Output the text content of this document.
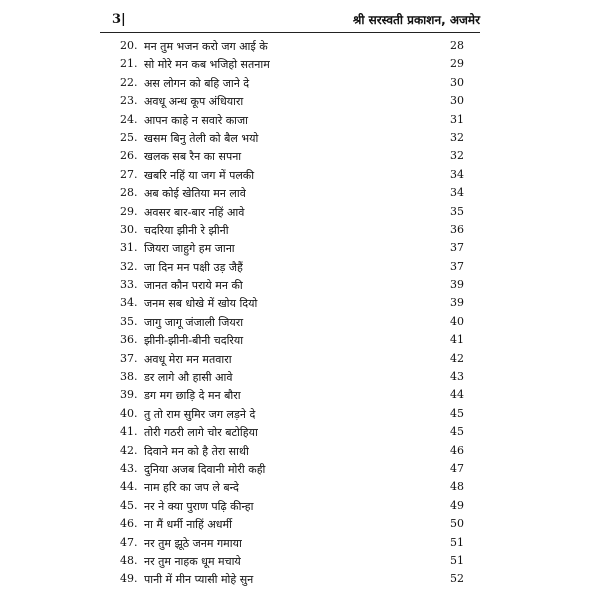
3|	श्री सरस्वती प्रकाशन, अजमेर
20. मन तुम भजन करो जग आई के	28
21. सो मोरे मन कब भजिहो सतनाम	29
22. अस लोगन को बहि जाने दे	30
23. अवधू अन्ध कूप अंधियारा	30
24. आपन काहे न सवारे काजा	31
25. खसम बिनु तेली को बैल भयो	32
26. खलक सब रैन का सपना	32
27. खबरि नहिं या जग में पलकी	34
28. अब कोई खेतिया मन लावे	34
29. अवसर बार-बार नहिं आवे	35
30. चदरिया झीनी रे झीनी	36
31. जियरा जाहुगे हम जाना	37
32. जा दिन मन पक्षी उड़ जैहैं	37
33. जानत कौन पराये मन की	39
34. जनम सब धोखे में खोय दियो	39
35. जागु जागू जंजाली जियरा	40
36. झीनी-झीनी-बीनी चदरिया	41
37. अवधू मेरा मन मतवारा	42
38. डर लागे औ हासी आवे	43
39. डग मग छाड़ि दे मन बौरा	44
40. तु तो राम सुमिर जग लड़ने दे	45
41. तोरी गठरी लागे चोर बटोहिया	45
42. दिवाने मन को है तेरा साथी	46
43. दुनिया अजब दिवानी मोरी कही	47
44. नाम हरि का जप ले बन्दे	48
45. नर ने क्या पुराण पढ़ि कीन्हा	49
46. ना मैं धर्मी नाहिं अधर्मी	50
47. नर तुम झूठे जनम गमाया	51
48. नर तुम नाहक धूम मचाये	51
49. पानी में मीन प्यासी मोहे सुन	52
